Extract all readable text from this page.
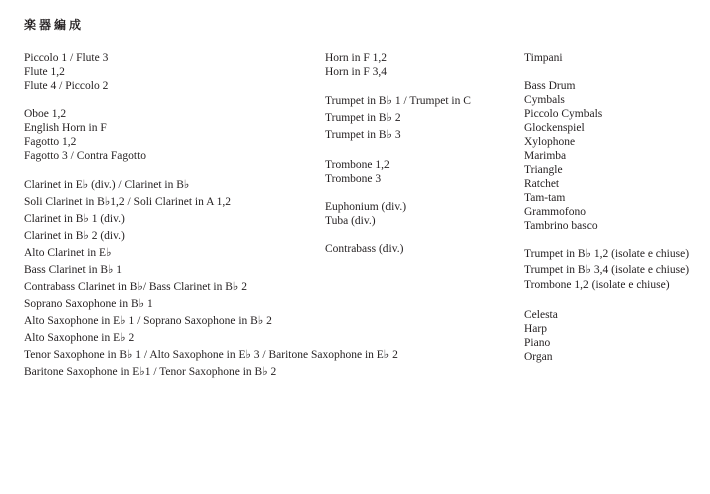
楽器編成
Piccolo 1 / Flute 3
Flute 1,2
Flute 4 / Piccolo 2
Oboe 1,2
English Horn in F
Fagotto 1,2
Fagotto 3 / Contra Fagotto
Clarinet in E♭ (div.) / Clarinet in B♭
Soli Clarinet in B♭1,2 / Soli Clarinet in A 1,2
Clarinet in B♭ 1 (div.)
Clarinet in B♭ 2 (div.)
Alto Clarinet in E♭
Bass Clarinet in B♭ 1
Contrabass Clarinet in B♭/ Bass Clarinet in B♭ 2
Soprano Saxophone in B♭ 1
Alto Saxophone in E♭ 1 / Soprano Saxophone in B♭ 2
Alto Saxophone in E♭ 2
Tenor Saxophone in B♭ 1 / Alto Saxophone in E♭ 3 / Baritone Saxophone in E♭ 2
Baritone Saxophone in E♭1 / Tenor Saxophone in B♭ 2
Horn in F 1,2
Horn in F 3,4
Trumpet in B♭ 1 / Trumpet in C
Trumpet in B♭ 2
Trumpet in B♭ 3
Trombone 1,2
Trombone 3
Euphonium (div.)
Tuba (div.)
Contrabass (div.)
Timpani
Bass Drum
Cymbals
Piccolo Cymbals
Glockenspiel
Xylophone
Marimba
Triangle
Ratchet
Tam-tam
Grammofono
Tambrino basco
Trumpet in B♭ 1,2 (isolate e chiuse)
Trumpet in B♭ 3,4 (isolate e chiuse)
Trombone 1,2 (isolate e chiuse)
Celesta
Harp
Piano
Organ
